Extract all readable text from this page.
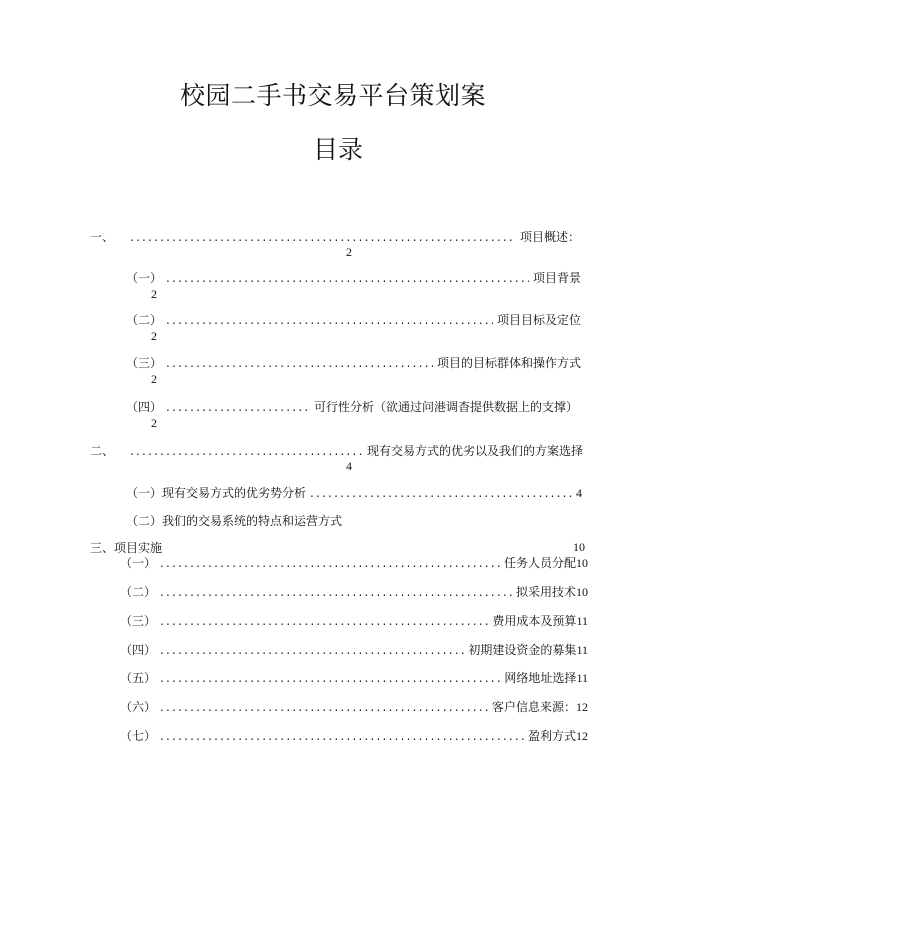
校园二手书交易平台策划案
目录
一、 .....	项目概述：
2
（一） .....	项目背景
2
（二） .....	项目目标及定位
2
（三） .....	项目的目标群体和操作方式
2
（四） .....	可行性分析（欲通过问港调杳提供数据上的支撑）
2
二、 .....	现有交易方式的优劣以及我们的方案选择
4
（一）现有交易方式的优劣势分析 .....	4
（二）我们的交易系统的特点和运营方式
三、项目实施	10
（一） .....	任务人员分配 10
（二） .....	拟采用技术 10
（三） .....	费用成本及预算 11
（四） .....	初期建设资金的募集 11
（五） .....	网络地址选择 11
（六） .....	客户信息来源： 12
（七） .....	盈利方式 12
